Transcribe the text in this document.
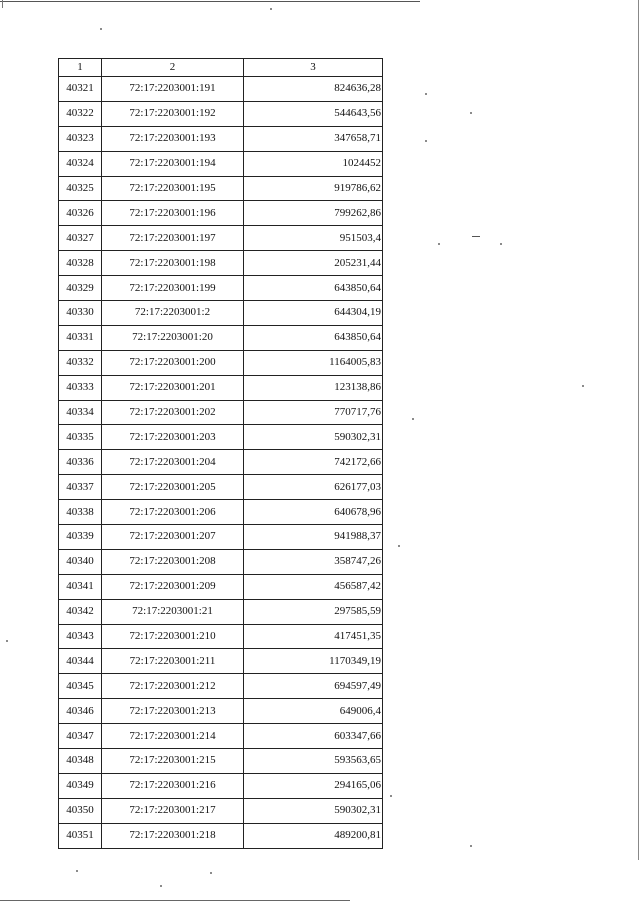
1	2	3
40321	72:17:2203001:191	824636,28
40322	72:17:2203001:192	544643,56
40323	72:17:2203001:193	347658,71
40324	72:17:2203001:194	1024452
40325	72:17:2203001:195	919786,62
40326	72:17:2203001:196	799262,86
40327	72:17:2203001:197	951503,4
40328	72:17:2203001:198	205231,44
40329	72:17:2203001:199	643850,64
40330	72:17:2203001:2	644304,19
40331	72:17:2203001:20	643850,64
40332	72:17:2203001:200	1164005,83
40333	72:17:2203001:201	123138,86
40334	72:17:2203001:202	770717,76
40335	72:17:2203001:203	590302,31
40336	72:17:2203001:204	742172,66
40337	72:17:2203001:205	626177,03
40338	72:17:2203001:206	640678,96
40339	72:17:2203001:207	941988,37
40340	72:17:2203001:208	358747,26
40341	72:17:2203001:209	456587,42
40342	72:17:2203001:21	297585,59
40343	72:17:2203001:210	417451,35
40344	72:17:2203001:211	1170349,19
40345	72:17:2203001:212	694597,49
40346	72:17:2203001:213	649006,4
40347	72:17:2203001:214	603347,66
40348	72:17:2203001:215	593563,65
40349	72:17:2203001:216	294165,06
40350	72:17:2203001:217	590302,31
40351	72:17:2203001:218	489200,81
